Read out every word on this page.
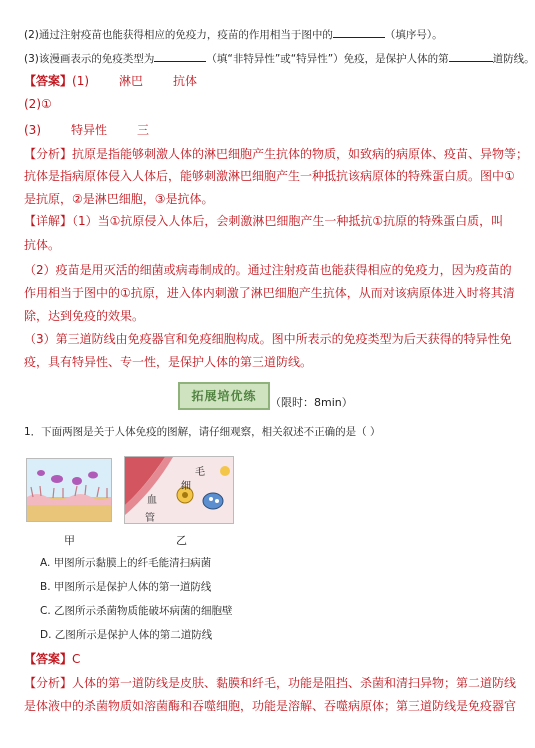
(2)通过注射疫苗也能获得相应的免疫力，疫苗的作用相当于图中的	（填序号）。
(3)该漫画表示的免疫类型为	（填“非特异性”或“特异性”）免疫，是保护人体的第	道防线。
【答案】(1)	淋巴	抗体
(2)①
(3)	特异性	三
【分析】抗原是指能够刺激人体的淋巴细胞产生抗体的物质，如致病的病原体、疫苗、异物等；
抗体是指病原体侵入人体后，能够刺激淋巴细胞产生一种抵抗该病原体的特殊蛋白质。图中①
是抗原，②是淋巴细胞，③是抗体。
【详解】（1）当①抗原侵入人体后，会刺激淋巴细胞产生一种抵抗①抗原的特殊蛋白质，叫
抗体。
（2）疫苗是用灭活的细菌或病毒制成的。通过注射疫苗也能获得相应的免疫力，因为疫苗的
作用相当于图中的①抗原，进入体内刺激了淋巴细胞产生抗体，从而对该病原体进入时将其清
除，达到免疫的效果。
（3）第三道防线由免疫器官和免疫细胞构成。图中所表示的免疫类型为后天获得的特异性免
疫，具有特异性、专一性，是保护人体的第三道防线。
拓展培优练	（限时：8min）
1．下面两图是关于人体免疫的图解，请仔细观察，相关叙述不正确的是（ ）
甲
毛
细
血
管
乙
A. 甲图所示黏膜上的纤毛能清扫病菌
B. 甲图所示是保护人体的第一道防线
C. 乙图所示杀菌物质能破坏病菌的细胞壁
D. 乙图所示是保护人体的第二道防线
【答案】C
【分析】人体的第一道防线是皮肤、黏膜和纤毛，功能是阻挡、杀菌和清扫异物；第二道防线
是体液中的杀菌物质如溶菌酶和吞噬细胞，功能是溶解、吞噬病原体；第三道防线是免疫器官
